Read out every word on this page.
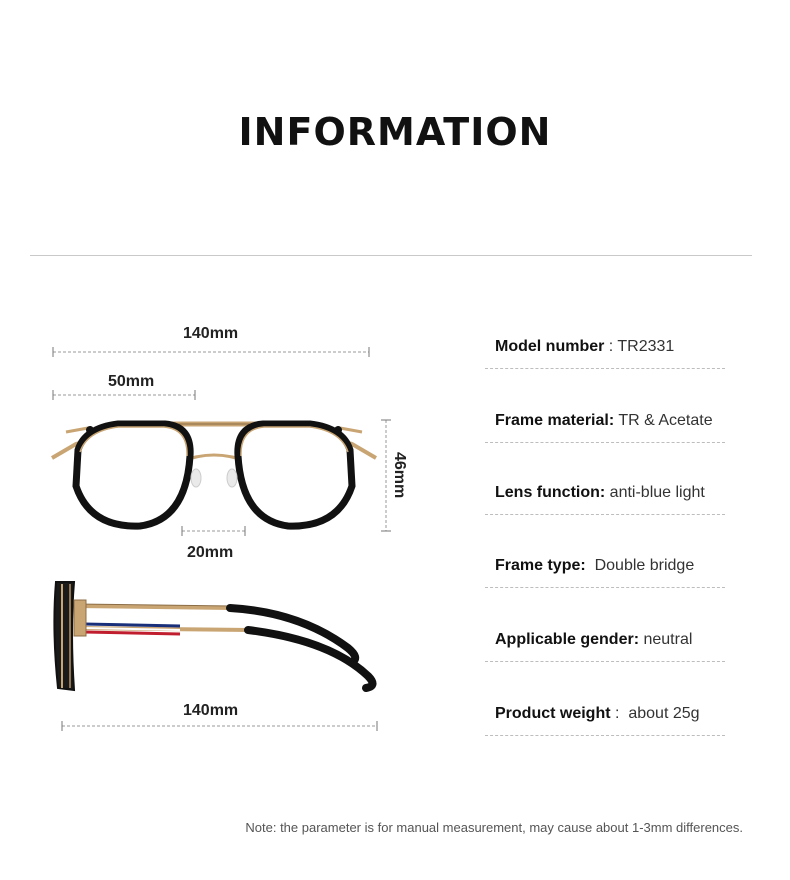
INFORMATION
140mm
50mm
20mm
46mm
140mm
Model number : TR2331
Frame material: TR & Acetate
Lens function: anti-blue light
Frame type: Double bridge
Applicable gender: neutral
Product weight :  about 25g
Note: the parameter is for manual measurement, may cause about 1-3mm differences.
